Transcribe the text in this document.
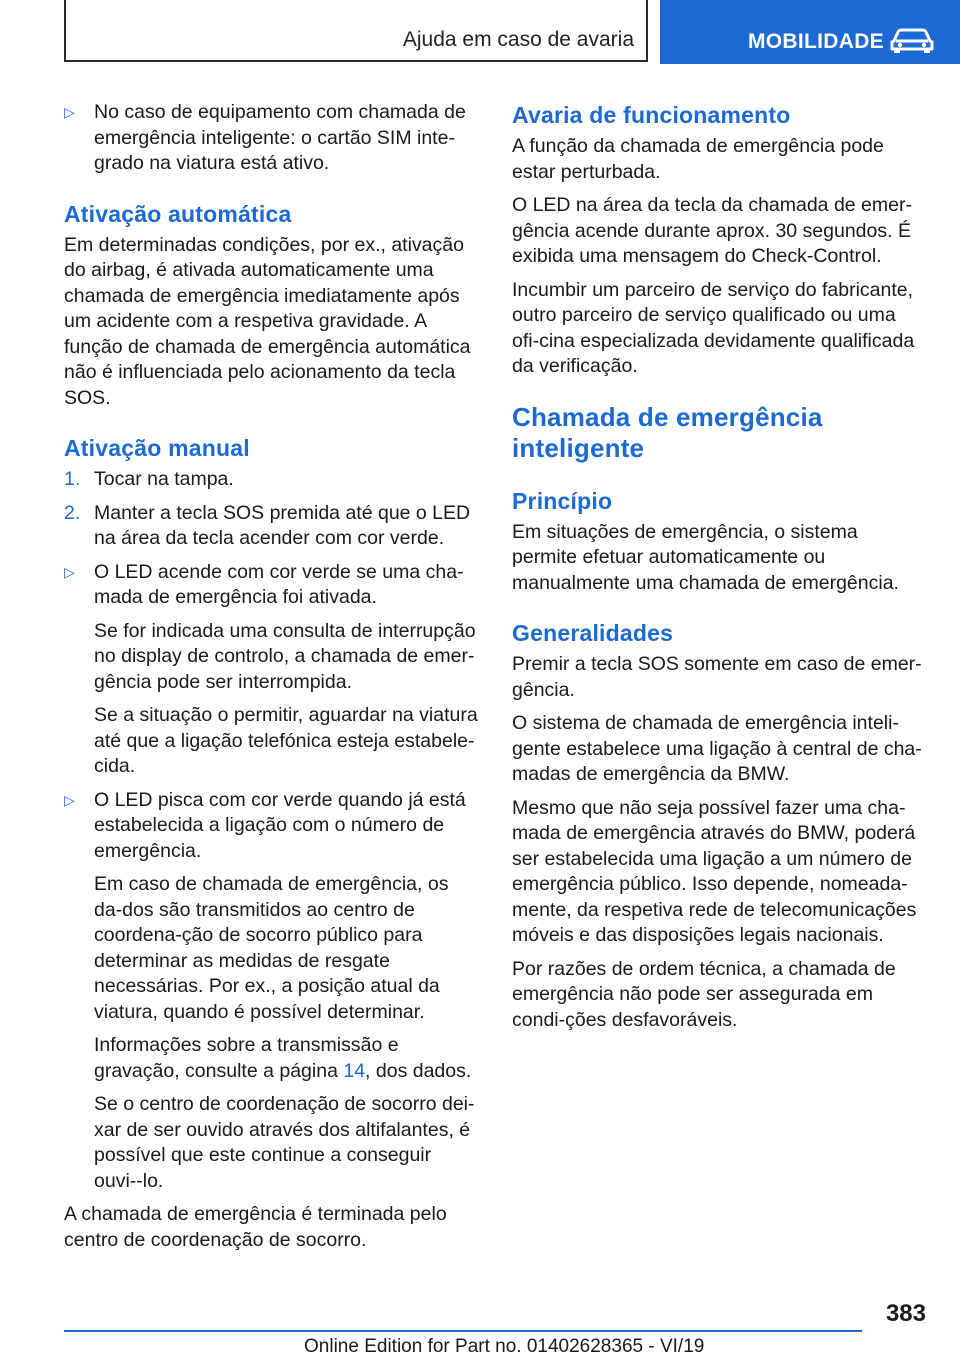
Ajuda em caso de avaria	MOBILIDADE
▷ No caso de equipamento com chamada de emergência inteligente: o cartão SIM inte-grado na viatura está ativo.

Ativação automática

Em determinadas condições, por ex., ativação do airbag, é ativada automaticamente uma chamada de emergência imediatamente após um acidente com a respetiva gravidade. A função de chamada de emergência automática não é influenciada pelo acionamento da tecla SOS.

Ativação manual
1. Tocar na tampa.
2. Manter a tecla SOS premida até que o LED na área da tecla acender com cor verde.
▷ O LED acende com cor verde se uma cha-mada de emergência foi ativada.

Se for indicada uma consulta de interrupção no display de controlo, a chamada de emer-gência pode ser interrompida.

Se a situação o permitir, aguardar na viatura até que a ligação telefónica esteja estabele-cida.

▷ O LED pisca com cor verde quando já está estabelecida a ligação com o número de emergência.

Em caso de chamada de emergência, os da-dos são transmitidos ao centro de coordena-ção de socorro público para determinar as medidas de resgate necessárias. Por ex., a posição atual da viatura, quando é possível determinar.

Informações sobre a transmissão e gravação, consulte a página 14, dos dados.

Se o centro de coordenação de socorro dei-xar de ser ouvido através dos altifalantes, é possível que este continue a conseguir ouvi--lo.

A chamada de emergência é terminada pelo centro de coordenação de socorro.

Avaria de funcionamento

A função da chamada de emergência pode estar perturbada.

O LED na área da tecla da chamada de emer-gência acende durante aprox. 30 segundos. É exibida uma mensagem do Check-Control.

Incumbir um parceiro de serviço do fabricante, outro parceiro de serviço qualificado ou uma ofi-cina especializada devidamente qualificada da verificação.

Chamada de emergência inteligente
Princípio

Em situações de emergência, o sistema permite efetuar automaticamente ou manualmente uma chamada de emergência.

Generalidades

Premir a tecla SOS somente em caso de emer-gência.

O sistema de chamada de emergência inteli-gente estabelece uma ligação à central de cha-madas de emergência da BMW.

Mesmo que não seja possível fazer uma cha-mada de emergência através do BMW, poderá ser estabelecida uma ligação a um número de emergência público. Isso depende, nomeada-mente, da respetiva rede de telecomunicações móveis e das disposições legais nacionais.

Por razões de ordem técnica, a chamada de emergência não pode ser assegurada em condi-ções desfavoráveis.

383
Online Edition for Part no. 01402628365 - VI/19
